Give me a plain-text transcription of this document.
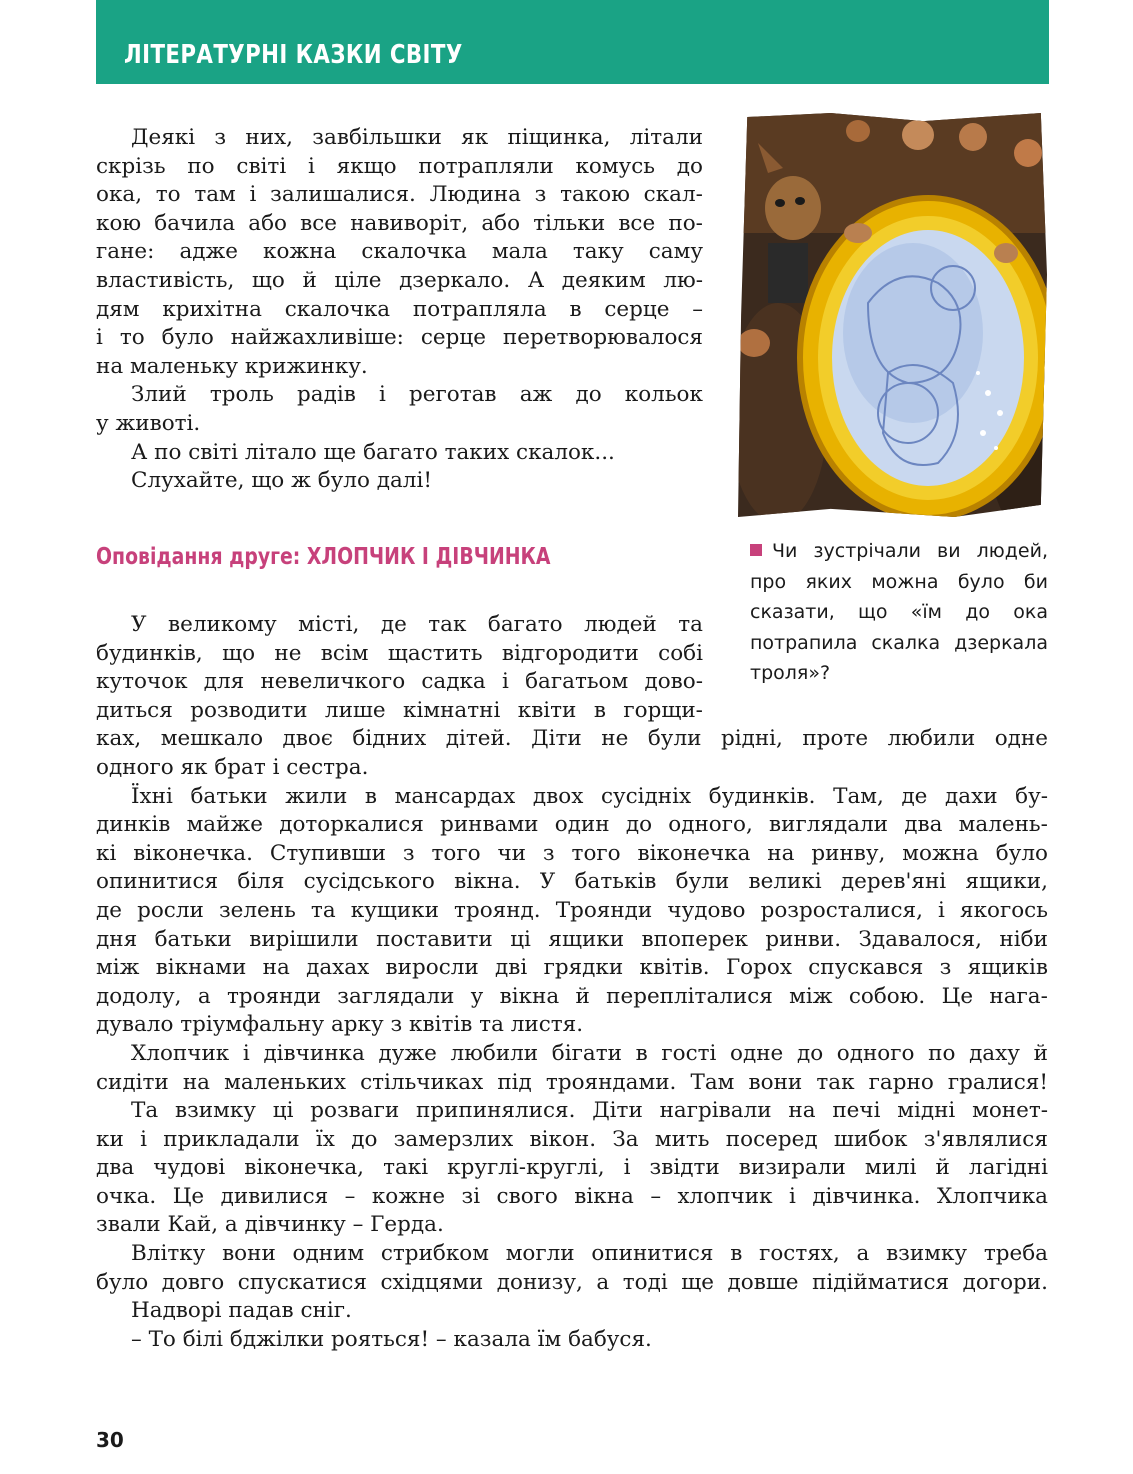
ЛІТЕРАТУРНІ КАЗКИ СВІТУ
Деякі з них, завбільшки як піщинка, літали
скрізь по світі і якщо потрапляли комусь до
ока, то там і залишалися. Людина з такою скал-
кою бачила або все навиворіт, або тільки все по-
гане: адже кожна скалочка мала таку саму
властивість, що й ціле дзеркало. А деяким лю-
дям крихітна скалочка потрапляла в серце –
і то було найжахливіше: серце перетворювалося
на маленьку крижинку.
Злий троль радів і реготав аж до кольок
у животі.
А по світі літало ще багато таких скалок...
Слухайте, що ж було далі!
Чи зустрічали ви людей, про яких можна було би сказати, що «їм до ока потрапила скалка дзеркала троля»?
Оповідання друге: ХЛОПЧИК І ДІВЧИНКА
У великому місті, де так багато людей та
будинків, що не всім щастить відгородити собі
куточок для невеличкого садка і багатьом дово-
диться розводити лише кімнатні квіти в горщи-
ках, мешкало двоє бідних дітей. Діти не були рідні, проте любили одне
одного як брат і сестра.
Їхні батьки жили в мансардах двох сусідніх будинків. Там, де дахи бу-
динків майже доторкалися ринвами один до одного, виглядали два малень-
кі віконечка. Ступивши з того чи з того віконечка на ринву, можна було
опинитися біля сусідського вікна. У батьків були великі дерев'яні ящики,
де росли зелень та кущики троянд. Троянди чудово розросталися, і якогось
дня батьки вирішили поставити ці ящики впоперек ринви. Здавалося, ніби
між вікнами на дахах виросли дві грядки квітів. Горох спускався з ящиків
додолу, а троянди заглядали у вікна й перепліталися між собою. Це нага-
дувало тріумфальну арку з квітів та листя.
Хлопчик і дівчинка дуже любили бігати в гості одне до одного по даху й
сидіти на маленьких стільчиках під трояндами. Там вони так гарно гралися!
Та взимку ці розваги припинялися. Діти нагрівали на печі мідні монет-
ки і прикладали їх до замерзлих вікон. За мить посеред шибок з'являлися
два чудові віконечка, такі круглі-круглі, і звідти визирали милі й лагідні
очка. Це дивилися – кожне зі свого вікна – хлопчик і дівчинка. Хлопчика
звали Кай, а дівчинку – Герда.
Влітку вони одним стрибком могли опинитися в гостях, а взимку треба
було довго спускатися східцями донизу, а тоді ще довше підійматися догори.
Надворі падав сніг.
– То білі бджілки рояться! – казала їм бабуся.
30
